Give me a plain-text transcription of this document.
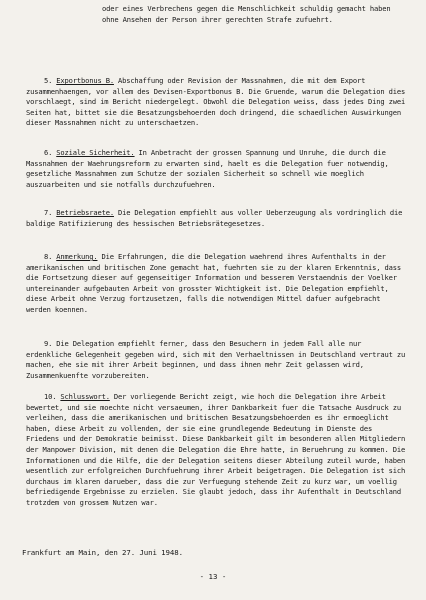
oder eines Verbrechens gegen die Menschlichkeit schuldig gemacht haben ohne Ansehen der Person ihrer gerechten Strafe zufuehrt.
5. Exportbonus B. Abschaffung oder Revision der Massnahmen, die mit dem Export zusammenhaengen, vor allem des Devisen-Exportbonus B. Die Gruende, warum die Delegation dies vorschlaegt, sind im Bericht niedergelegt. Obwohl die Delegation weiss, dass jedes Ding zwei Seiten hat, bittet sie die Besatzungsbehoerden doch dringend, die schaedlichen Auswirkungen dieser Massnahmen nicht zu unterschaetzen.
6. Soziale Sicherheit. In Anbetracht der grossen Spannung und Unruhe, die durch die Massnahmen der Waehrungsreform zu erwarten sind, haelt es die Delegation fuer notwendig, gesetzliche Massnahmen zum Schutze der sozialen Sicherheit so schnell wie moeglich auszuarbeiten und sie notfalls durchzufuehren.
7. Betriebsraete. Die Delegation empfiehlt aus voller Ueberzeugung als vordringlich die baldige Ratifizierung des hessischen Betriebsrätegesetzes.
8. Anmerkung. Die Erfahrungen, die die Delegation waehrend ihres Aufenthalts in der amerikanischen und britischen Zone gemacht hat, fuehrten sie zu der klaren Erkenntnis, dass die Fortsetzung dieser auf gegenseitiger Information und besserem Verstaendnis der Voelker untereinander aufgebauten Arbeit von grosster Wichtigkeit ist. Die Delegation empfiehlt, diese Arbeit ohne Verzug fortzusetzen, falls die notwendigen Mittel dafuer aufgebracht werden koennen.
9. Die Delegation empfiehlt ferner, dass den Besuchern in jedem Fall alle nur erdenkliche Gelegenheit gegeben wird, sich mit den Verhaeltnissen in Deutschland vertraut zu machen, ehe sie mit ihrer Arbeit beginnen, und dass ihnen mehr Zeit gelassen wird, Zusammenkuenfte vorzubereiten.
10. Schlusswort. Der vorliegende Bericht zeigt, wie hoch die Delegation ihre Arbeit bewertet, und sie moechte nicht versaeumen, ihrer Dankbarkeit fuer die Tatsache Ausdruck zu verleihen, dass die amerikanischen und britischen Besatzungsbehoerden es ihr ermoeglicht haben, diese Arbeit zu vollenden, der sie eine grundlegende Bedeutung im Dienste des Friedens und der Demokratie beimisst. Diese Dankbarkeit gilt im besonderen allen Mitgliedern der Manpower Division, mit denen die Delegation die Ehre hatte, in Beruehrung zu kommen. Die Informationen und die Hilfe, die der Delegation seitens dieser Abteilung zuteil wurde, haben wesentlich zur erfolgreichen Durchfuehrung ihrer Arbeit beigetragen. Die Delegation ist sich durchaus im klaren darueber, dass die zur Verfuegung stehende Zeit zu kurz war, um voellig befriedigende Ergebnisse zu erzielen. Sie glaubt jedoch, dass ihr Aufenthalt in Deutschland trotzdem von grossem Nutzen war.
Frankfurt am Main, den 27. Juni 1948.
- 13 -
